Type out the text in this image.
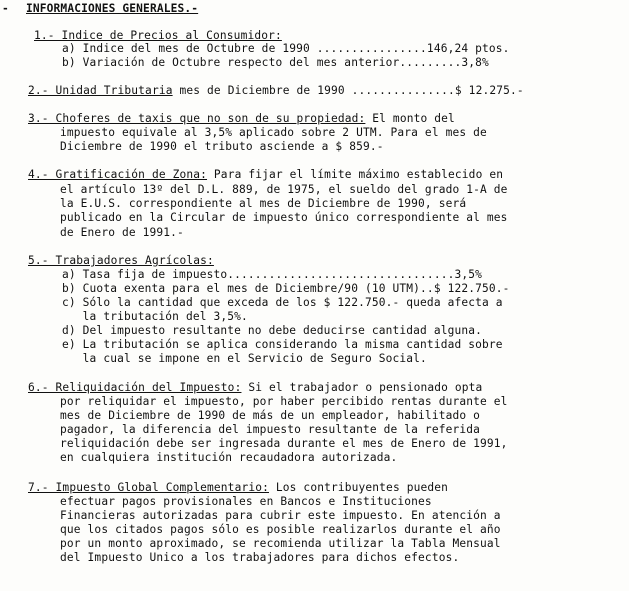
- INFORMACIONES GENERALES.-
1.- Indice de Precios al Consumidor:
a) Indice del mes de Octubre de 1990 ................146,24 ptos.
b) Variación de Octubre respecto del mes anterior.........3,8%
2.- Unidad Tributaria mes de Diciembre de 1990 ...............$ 12.275.-
3.- Choferes de taxis que no son de su propiedad: El monto del
impuesto equivale al 3,5% aplicado sobre 2 UTM. Para el mes de
Diciembre de 1990 el tributo asciende a $ 859.-
4.- Gratificación de Zona: Para fijar el límite máximo establecido en
el artículo 13º del D.L. 889, de 1975, el sueldo del grado 1-A de
la E.U.S. correspondiente al mes de Diciembre de 1990, será
publicado en la Circular de impuesto único correspondiente al mes
de Enero de 1991.-
5.- Trabajadores Agrícolas:
a) Tasa fija de impuesto.................................3,5%
b) Cuota exenta para el mes de Diciembre/90 (10 UTM)..$ 122.750.-
c) Sólo la cantidad que exceda de los $ 122.750.- queda afecta a
la tributación del 3,5%.
d) Del impuesto resultante no debe deducirse cantidad alguna.
e) La tributación se aplica considerando la misma cantidad sobre
la cual se impone en el Servicio de Seguro Social.
6.- Reliquidación del Impuesto: Si el trabajador o pensionado opta
por reliquidar el impuesto, por haber percibido rentas durante el
mes de Diciembre de 1990 de más de un empleador, habilitado o
pagador, la diferencia del impuesto resultante de la referida
reliquidación debe ser ingresada durante el mes de Enero de 1991,
en cualquiera institución recaudadora autorizada.
7.- Impuesto Global Complementario: Los contribuyentes pueden
efectuar pagos provisionales en Bancos e Instituciones
Financieras autorizadas para cubrir este impuesto. En atención a
que los citados pagos sólo es posible realizarlos durante el año
por un monto aproximado, se recomienda utilizar la Tabla Mensual
del Impuesto Unico a los trabajadores para dichos efectos.
